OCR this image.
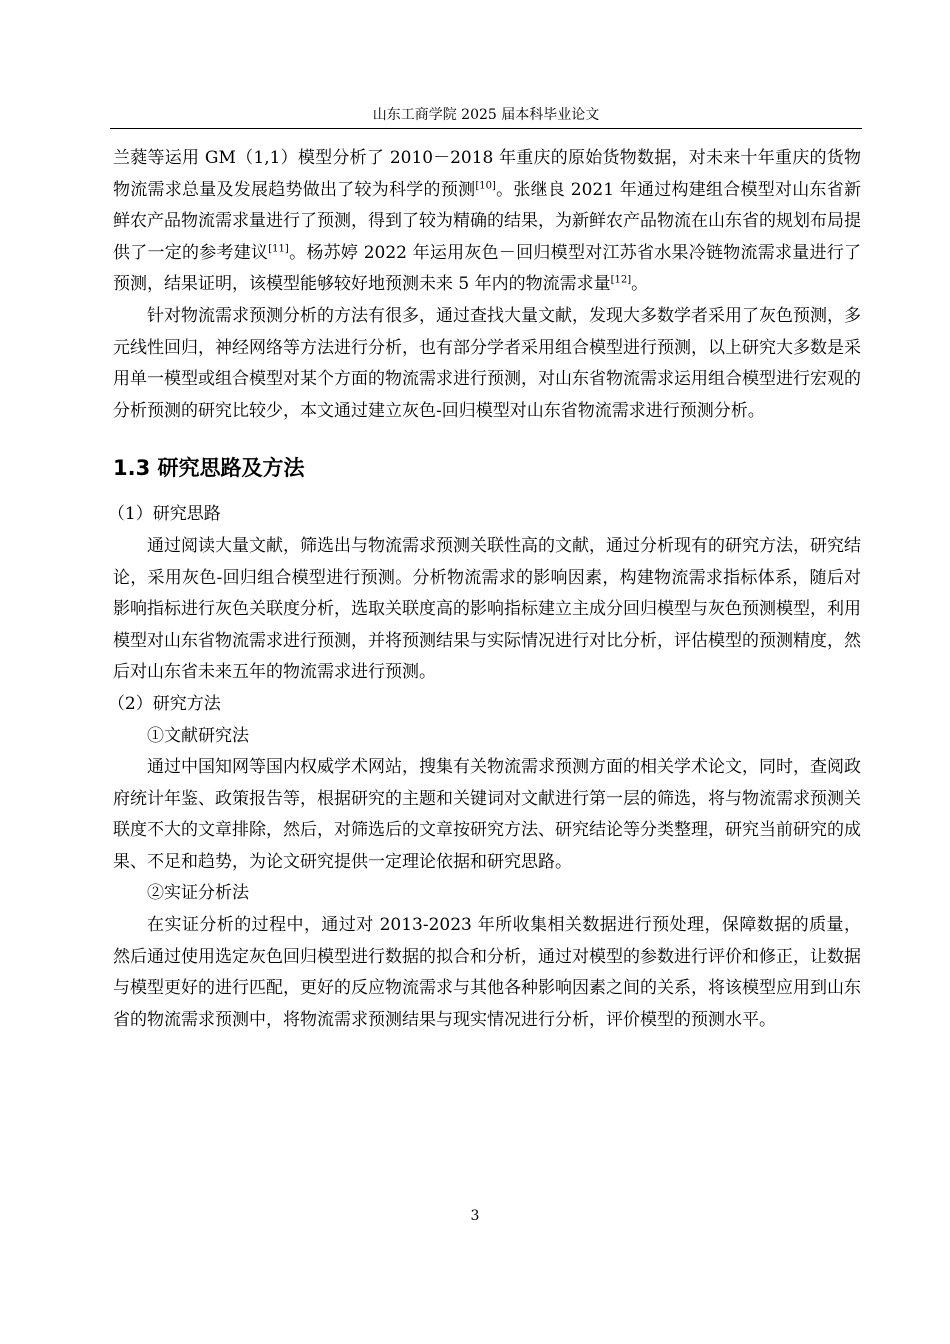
山东工商学院 2025 届本科毕业论文

兰蕤等运用 GM（1,1）模型分析了 2010－2018 年重庆的原始货物数据，对未来十年重庆的货物物流需求总量及发展趋势做出了较为科学的预测[10]。张继良 2021 年通过构建组合模型对山东省新鲜农产品物流需求量进行了预测，得到了较为精确的结果，为新鲜农产品物流在山东省的规划布局提供了一定的参考建议[11]。杨苏婷 2022 年运用灰色－回归模型对江苏省水果冷链物流需求量进行了预测，结果证明，该模型能够较好地预测未来 5 年内的物流需求量[12]。

针对物流需求预测分析的方法有很多，通过查找大量文献，发现大多数学者采用了灰色预测，多元线性回归，神经网络等方法进行分析，也有部分学者采用组合模型进行预测，以上研究大多数是采用单一模型或组合模型对某个方面的物流需求进行预测，对山东省物流需求运用组合模型进行宏观的分析预测的研究比较少，本文通过建立灰色-回归模型对山东省物流需求进行预测分析。

1.3 研究思路及方法

（1）研究思路

通过阅读大量文献，筛选出与物流需求预测关联性高的文献，通过分析现有的研究方法，研究结论，采用灰色-回归组合模型进行预测。分析物流需求的影响因素，构建物流需求指标体系，随后对影响指标进行灰色关联度分析，选取关联度高的影响指标建立主成分回归模型与灰色预测模型，利用模型对山东省物流需求进行预测，并将预测结果与实际情况进行对比分析，评估模型的预测精度，然后对山东省未来五年的物流需求进行预测。

（2）研究方法

①文献研究法

通过中国知网等国内权威学术网站，搜集有关物流需求预测方面的相关学术论文，同时，查阅政府统计年鉴、政策报告等，根据研究的主题和关键词对文献进行第一层的筛选，将与物流需求预测关联度不大的文章排除，然后，对筛选后的文章按研究方法、研究结论等分类整理，研究当前研究的成果、不足和趋势，为论文研究提供一定理论依据和研究思路。

②实证分析法

在实证分析的过程中，通过对 2013-2023 年所收集相关数据进行预处理，保障数据的质量，然后通过使用选定灰色回归模型进行数据的拟合和分析，通过对模型的参数进行评价和修正，让数据与模型更好的进行匹配，更好的反应物流需求与其他各种影响因素之间的关系，将该模型应用到山东省的物流需求预测中，将物流需求预测结果与现实情况进行分析，评价模型的预测水平。

3
